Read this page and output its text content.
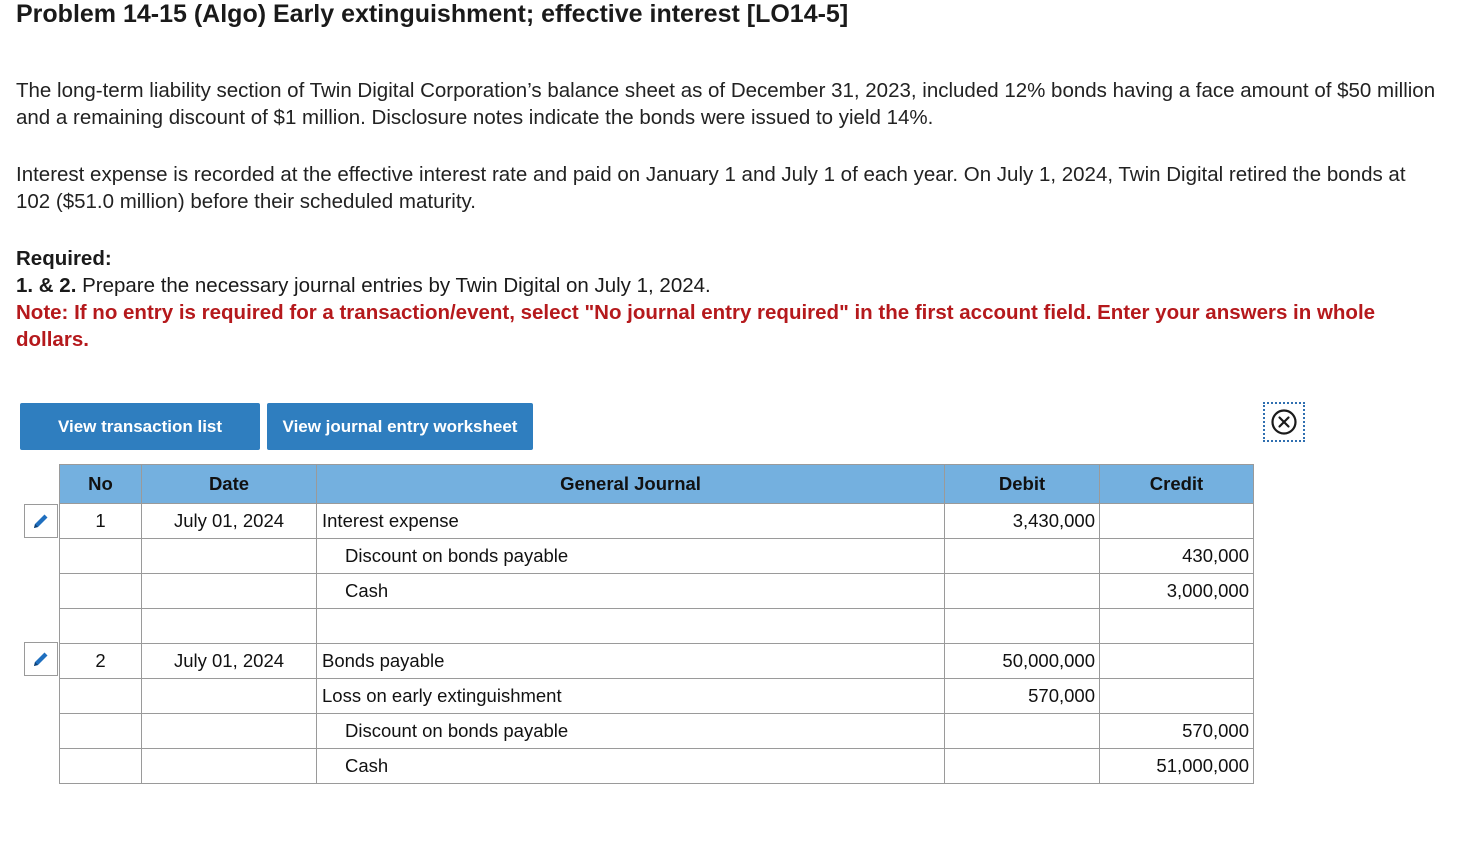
Problem 14-15 (Algo) Early extinguishment; effective interest [LO14-5]
The long-term liability section of Twin Digital Corporation’s balance sheet as of December 31, 2023, included 12% bonds having a face amount of $50 million and a remaining discount of $1 million. Disclosure notes indicate the bonds were issued to yield 14%.
Interest expense is recorded at the effective interest rate and paid on January 1 and July 1 of each year. On July 1, 2024, Twin Digital retired the bonds at 102 ($51.0 million) before their scheduled maturity.
Required:
1. & 2. Prepare the necessary journal entries by Twin Digital on July 1, 2024.
Note: If no entry is required for a transaction/event, select "No journal entry required" in the first account field. Enter your answers in whole dollars.
View transaction list	View journal entry worksheet
No	Date	General Journal	Debit	Credit
1	July 01, 2024	Interest expense	3,430,000	
		Discount on bonds payable		430,000
		Cash		3,000,000

2	July 01, 2024	Bonds payable	50,000,000	
		Loss on early extinguishment	570,000	
		Discount on bonds payable		570,000
		Cash		51,000,000
